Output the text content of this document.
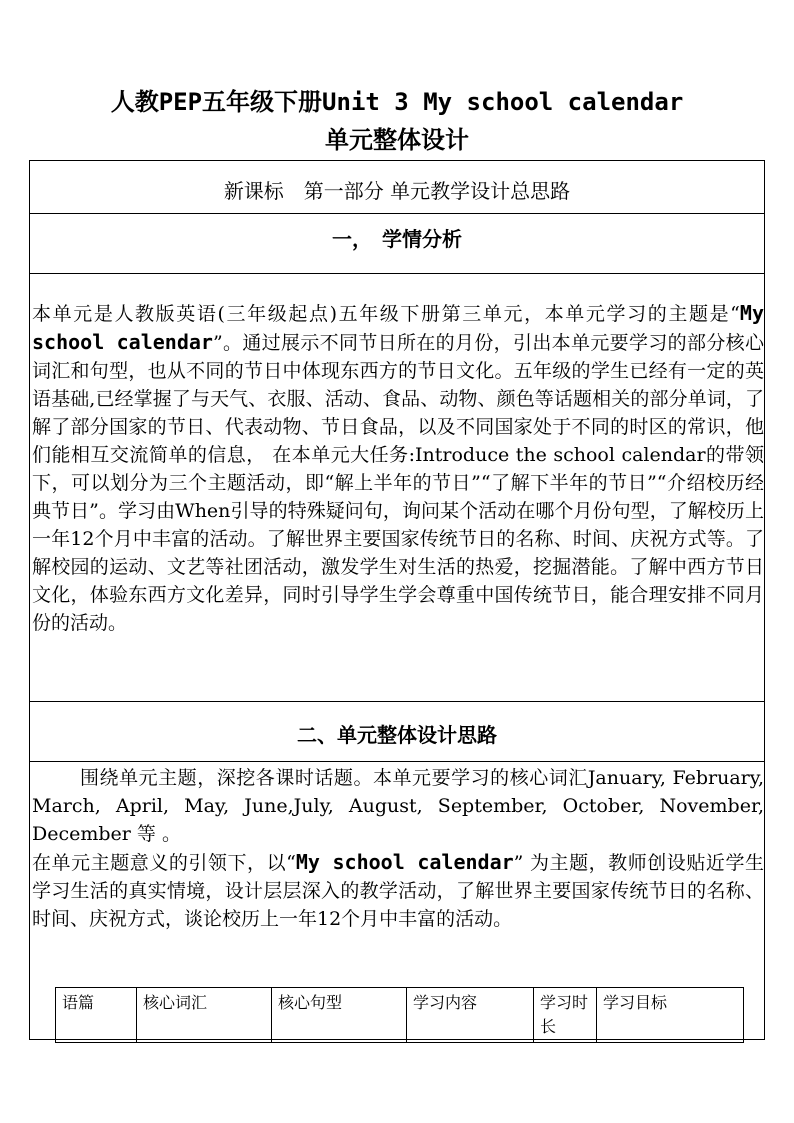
人教PEP五年级下册Unit 3 My school calendar
单元整体设计
新课标　第一部分 单元教学设计总思路
一，　学情分析

本单元是人教版英语(三年级起点)五年级下册第三单元，本单元学习的主题是“My school calendar”。通过展示不同节日所在的月份，引出本单元要学习的部分核心词汇和句型，也从不同的节日中体现东西方的节日文化。五年级的学生已经有一定的英语基础,已经掌握了与天气、衣服、活动、食品、动物、颜色等话题相关的部分单词，了解了部分国家的节日、代表动物、节日食品，以及不同国家处于不同的时区的常识，他们能相互交流简单的信息， 在本单元大任务:Introduce the school calendar的带领下，可以划分为三个主题活动，即“解上半年的节日”“了解下半年的节日”“介绍校历经典节日”。学习由When引导的特殊疑问句，询问某个活动在哪个月份句型，了解校历上一年12个月中丰富的活动。了解世界主要国家传统节日的名称、时间、庆祝方式等。了解校园的运动、文艺等社团活动，激发学生对生活的热爱，挖掘潜能。了解中西方节日文化，体验东西方文化差异，同时引导学生学会尊重中国传统节日，能合理安排不同月份的活动。

二、单元整体设计思路

围绕单元主题，深挖各课时话题。本单元要学习的核心词汇January, February, March, April, May, June,July, August, September, October, November, December 等 。

在单元主题意义的引领下，以“My school calendar” 为主题，教师创设贴近学生学习生活的真实情境，设计层层深入的教学活动，了解世界主要国家传统节日的名称、时间、庆祝方式，谈论校历上一年12个月中丰富的活动。

语篇	核心词汇	核心句型	学习内容	学习时长	学习目标
